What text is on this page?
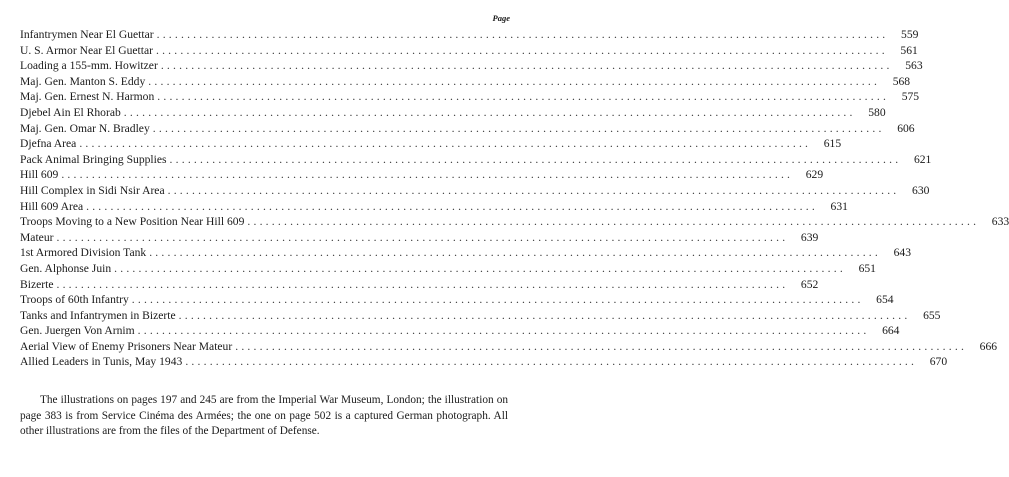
Page
Infantrymen Near El Guettar ........................................................................................................................	559
U. S. Armor Near El Guettar ........................................................................................................................	561
Loading a 155-mm. Howitzer ........................................................................................................................	563
Maj. Gen. Manton S. Eddy ........................................................................................................................	568
Maj. Gen. Ernest N. Harmon ........................................................................................................................	575
Djebel Ain El Rhorab ........................................................................................................................	580
Maj. Gen. Omar N. Bradley ........................................................................................................................	606
Djefna Area ........................................................................................................................	615
Pack Animal Bringing Supplies ........................................................................................................................	621
Hill 609 ........................................................................................................................	629
Hill Complex in Sidi Nsir Area ........................................................................................................................	630
Hill 609 Area ........................................................................................................................	631
Troops Moving to a New Position Near Hill 609 ........................................................................................................................	633
Mateur ........................................................................................................................	639
1st Armored Division Tank ........................................................................................................................	643
Gen. Alphonse Juin ........................................................................................................................	651
Bizerte ........................................................................................................................	652
Troops of 60th Infantry ........................................................................................................................	654
Tanks and Infantrymen in Bizerte ........................................................................................................................	655
Gen. Juergen Von Arnim ........................................................................................................................	664
Aerial View of Enemy Prisoners Near Mateur ........................................................................................................................	666
Allied Leaders in Tunis, May 1943 ........................................................................................................................	670

The illustrations on pages 197 and 245 are from the Imperial War Museum, London; the illustration on page 383 is from Service Cinéma des Armées; the one on page 502 is a captured German photograph. All other illustrations are from the files of the Department of Defense.
